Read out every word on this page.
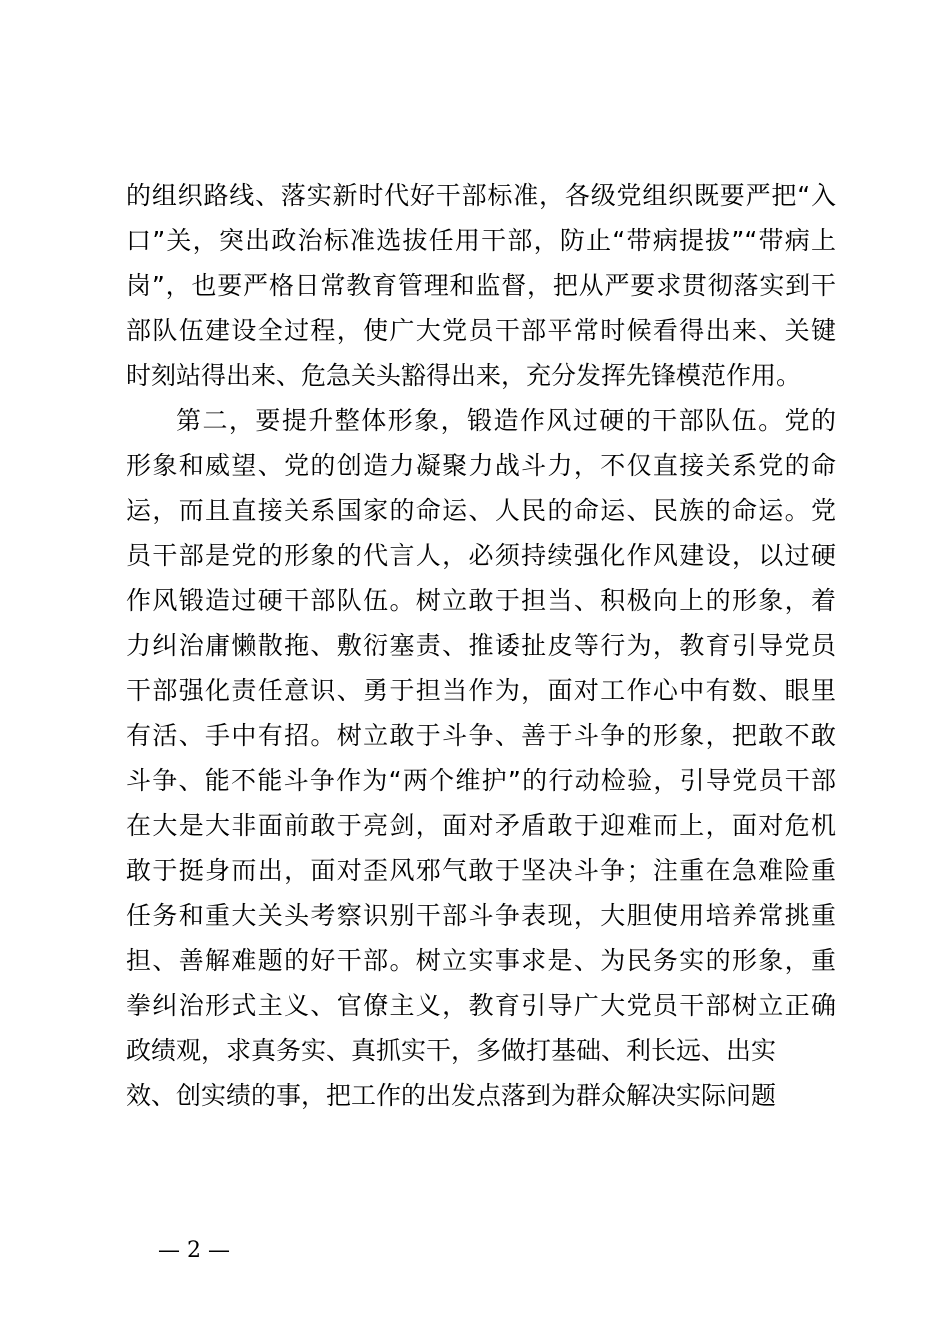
的组织路线、落实新时代好干部标准，各级党组织既要严把“入
口”关，突出政治标准选拔任用干部，防止“带病提拔”“带病上
岗”，也要严格日常教育管理和监督，把从严要求贯彻落实到干
部队伍建设全过程，使广大党员干部平常时候看得出来、关键
时刻站得出来、危急关头豁得出来，充分发挥先锋模范作用。
第二，要提升整体形象，锻造作风过硬的干部队伍。党的
形象和威望、党的创造力凝聚力战斗力，不仅直接关系党的命
运，而且直接关系国家的命运、人民的命运、民族的命运。党
员干部是党的形象的代言人，必须持续强化作风建设，以过硬
作风锻造过硬干部队伍。树立敢于担当、积极向上的形象，着
力纠治庸懒散拖、敷衍塞责、推诿扯皮等行为，教育引导党员
干部强化责任意识、勇于担当作为，面对工作心中有数、眼里
有活、手中有招。树立敢于斗争、善于斗争的形象，把敢不敢
斗争、能不能斗争作为“两个维护”的行动检验，引导党员干部
在大是大非面前敢于亮剑，面对矛盾敢于迎难而上，面对危机
敢于挺身而出，面对歪风邪气敢于坚决斗争；注重在急难险重
任务和重大关头考察识别干部斗争表现，大胆使用培养常挑重
担、善解难题的好干部。树立实事求是、为民务实的形象，重
拳纠治形式主义、官僚主义，教育引导广大党员干部树立正确
政绩观，求真务实、真抓实干，多做打基础、利长远、出实
效、创实绩的事，把工作的出发点落到为群众解决实际问题
— 2 —
